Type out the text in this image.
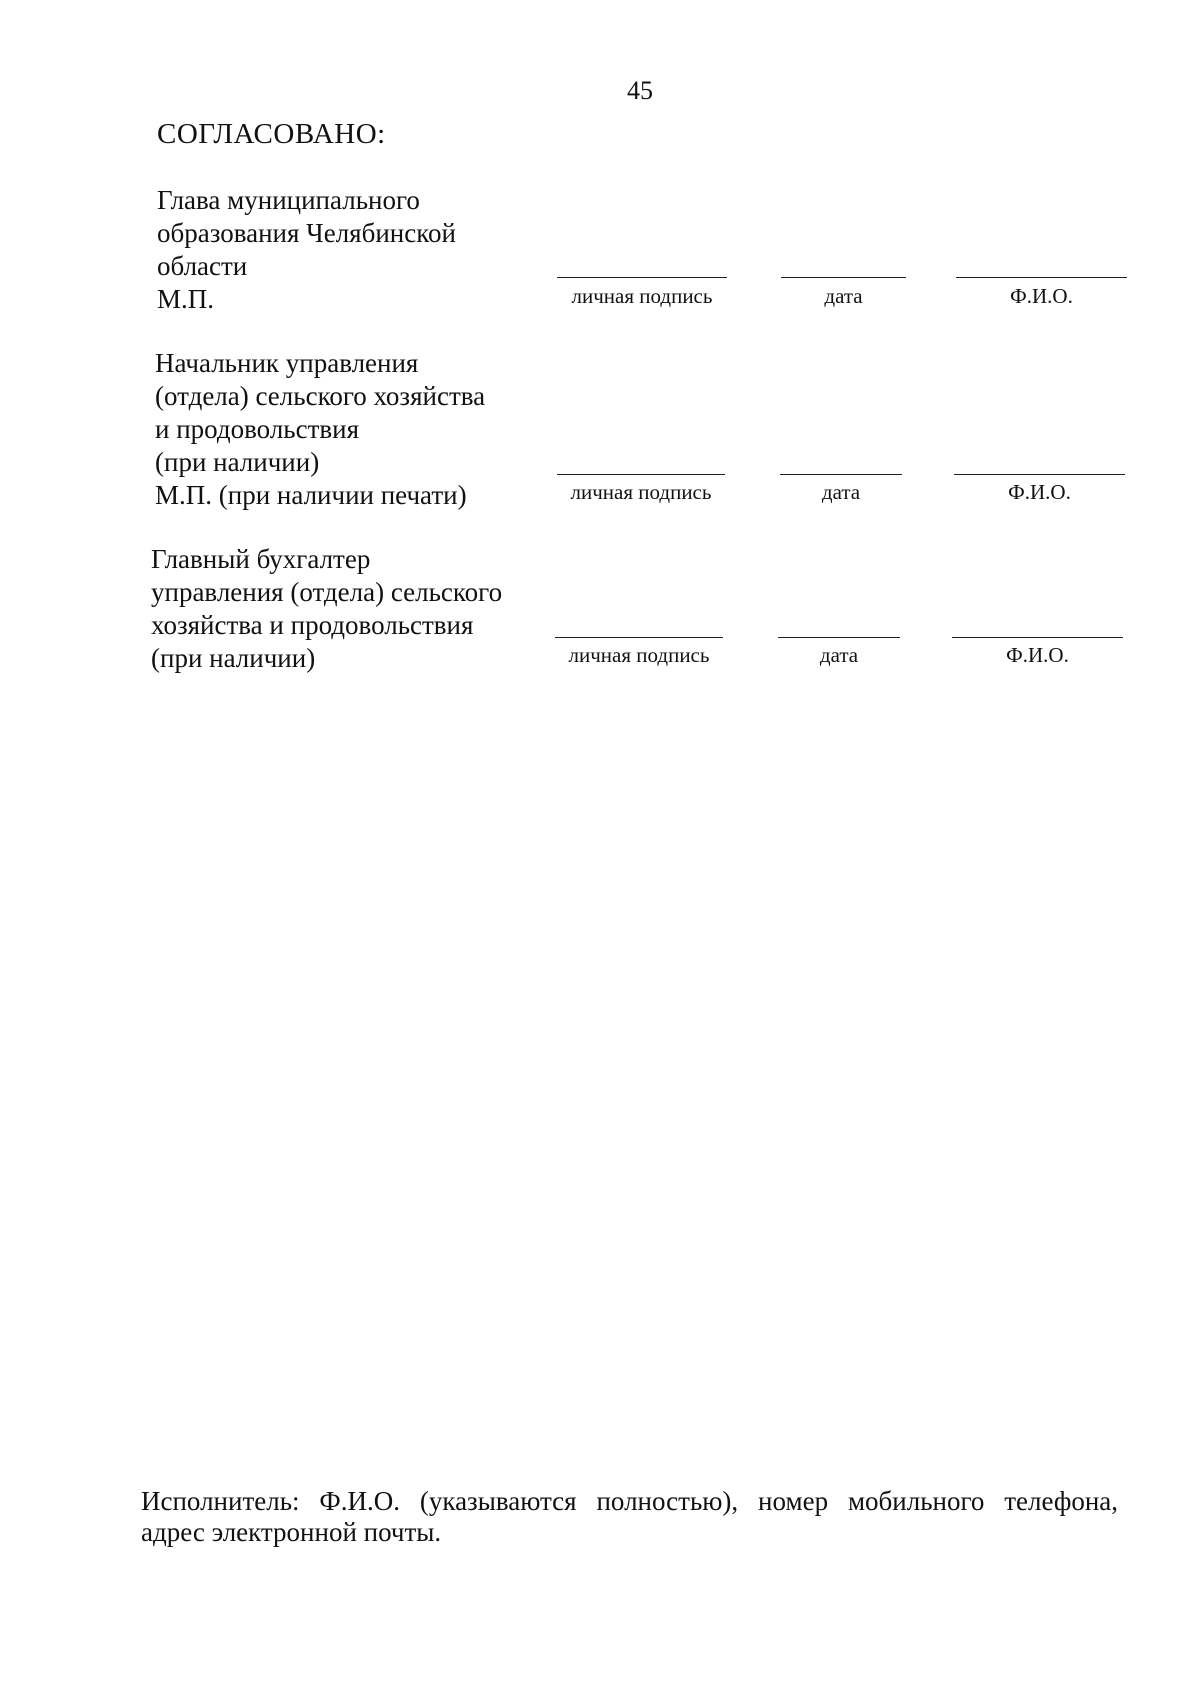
45
СОГЛАСОВАНО:
Глава муниципального
образования Челябинской
области
М.П.	личная подпись	дата	Ф.И.О.
Начальник управления
(отдела) сельского хозяйства
и продовольствия
(при наличии)
М.П. (при наличии печати)	личная подпись	дата	Ф.И.О.
Главный бухгалтер
управления (отдела) сельского
хозяйства и продовольствия
(при наличии)	личная подпись	дата	Ф.И.О.
Исполнитель: Ф.И.О. (указываются полностью), номер мобильного телефона,
адрес электронной почты.
